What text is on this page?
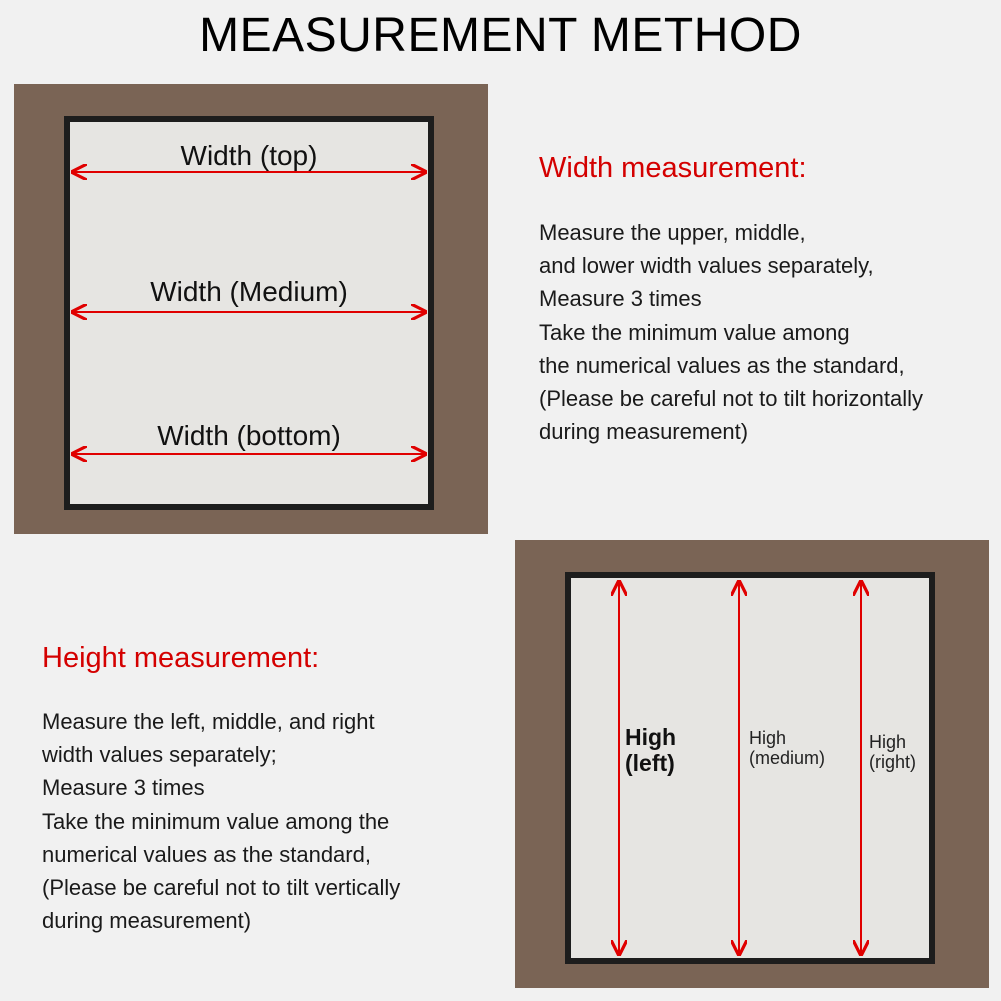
MEASUREMENT METHOD
Width (top)
Width (Medium)
Width (bottom)
Width measurement:
Measure the upper, middle,
and lower width values separately,
Measure 3 times
Take the minimum value among
the numerical values as the standard,
(Please be careful not to tilt horizontally
during measurement)
High
(left)
High
(medium)
High
(right)
Height measurement:
Measure the left, middle, and right
width values separately;
Measure 3 times
Take the minimum value among the
numerical values as the standard,
(Please be careful not to tilt vertically
during measurement)
